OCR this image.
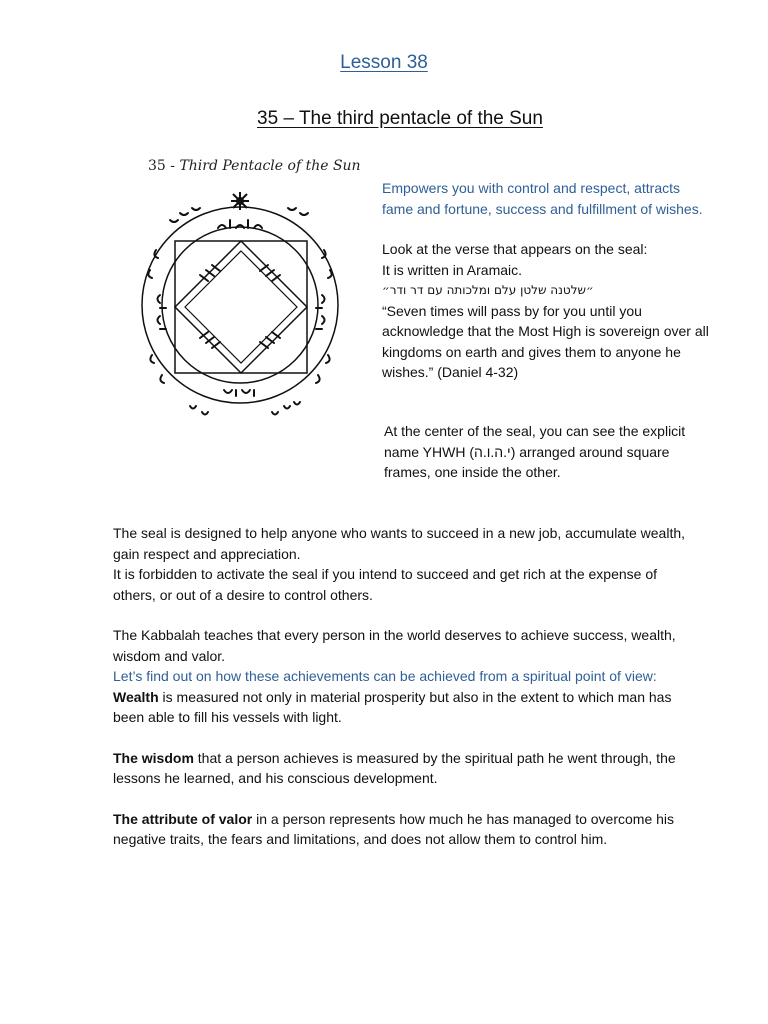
Lesson 38
35 – The third pentacle of the Sun
35 - Third Pentacle of the Sun

Empowers you with control and respect, attracts fame and fortune, success and fulfillment of wishes.

Look at the verse that appears on the seal:

It is written in Aramaic.

״שלטנה שלטן עלם ומלכותה עם דר ודר״

“Seven times will pass by for you until you acknowledge that the Most High is sovereign over all kingdoms on earth and gives them to anyone he wishes.” (Daniel 4-32)

At the center of the seal, you can see the explicit name YHWH (י.ה.ו.ה) arranged around square frames, one inside the other.

The seal is designed to help anyone who wants to succeed in a new job, accumulate wealth, gain respect and appreciation.

It is forbidden to activate the seal if you intend to succeed and get rich at the expense of others, or out of a desire to control others.

The Kabbalah teaches that every person in the world deserves to achieve success, wealth, wisdom and valor.

Let’s find out on how these achievements can be achieved from a spiritual point of view:

Wealth is measured not only in material prosperity but also in the extent to which man has been able to fill his vessels with light.

The wisdom that a person achieves is measured by the spiritual path he went through, the lessons he learned, and his conscious development.

The attribute of valor in a person represents how much he has managed to overcome his negative traits, the fears and limitations, and does not allow them to control him.
